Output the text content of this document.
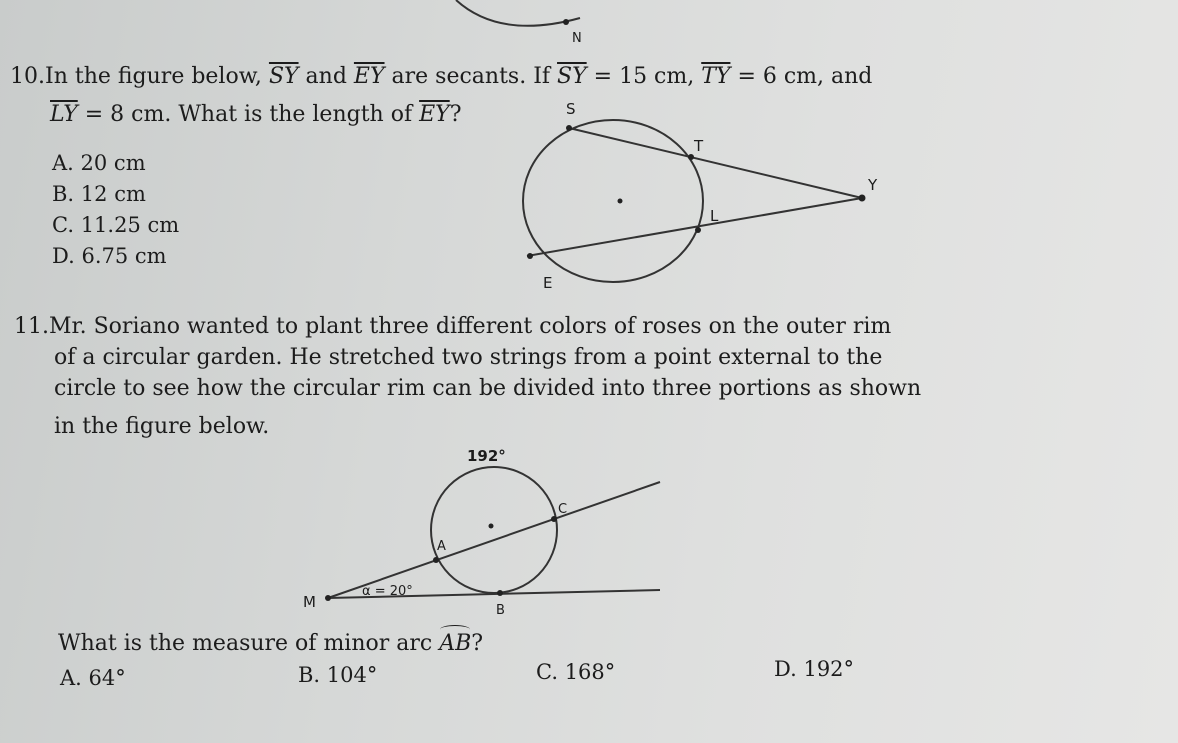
N
S
T
Y
L
E
192°
C
A
M	B
α = 20°
10.In the figure below, $\overline{SY}$ and $\overline{EY}$ are secants. If $\overline{SY} = 15$ cm, $\overline{TY} = 6$ cm, and
$\overline{LY} = 8$ cm. What is the length of $\overline{EY}$?
A. 20 cm
B. 12 cm
C. 11.25 cm
D. 6.75 cm
11.Mr. Soriano wanted to plant three different colors of roses on the outer rim
of a circular garden. He stretched two strings from a point external to the
circle to see how the circular rim can be divided into three portions as shown
in the figure below.
What is the measure of minor arc AB?
A. 64°	B. 104°	C. 168°	D. 192°
